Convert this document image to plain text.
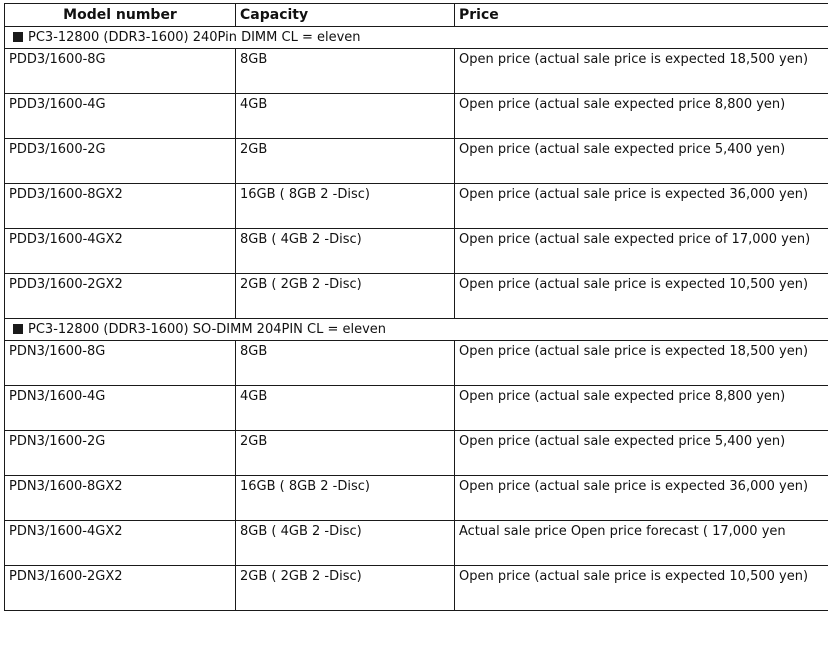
Model number	Capacity	Price
PC3-12800 (DDR3-1600) 240Pin DIMM CL = eleven		
PDD3/1600-8G	8GB	Open price (actual sale price is expected 18,500 yen)
PDD3/1600-4G	4GB	Open price (actual sale expected price 8,800 yen)
PDD3/1600-2G	2GB	Open price (actual sale expected price 5,400 yen)
PDD3/1600-8GX2	16GB ( 8GB 2 -Disc)	Open price (actual sale price is expected 36,000 yen)
PDD3/1600-4GX2	8GB ( 4GB 2 -Disc)	Open price (actual sale expected price of 17,000 yen)
PDD3/1600-2GX2	2GB ( 2GB 2 -Disc)	Open price (actual sale price is expected 10,500 yen)
PC3-12800 (DDR3-1600) SO-DIMM 204PIN CL = eleven		
PDN3/1600-8G	8GB	Open price (actual sale price is expected 18,500 yen)
PDN3/1600-4G	4GB	Open price (actual sale expected price 8,800 yen)
PDN3/1600-2G	2GB	Open price (actual sale expected price 5,400 yen)
PDN3/1600-8GX2	16GB ( 8GB 2 -Disc)	Open price (actual sale price is expected 36,000 yen)
PDN3/1600-4GX2	8GB ( 4GB 2 -Disc)	Actual sale price Open price forecast ( 17,000 yen
PDN3/1600-2GX2	2GB ( 2GB 2 -Disc)	Open price (actual sale price is expected 10,500 yen)
